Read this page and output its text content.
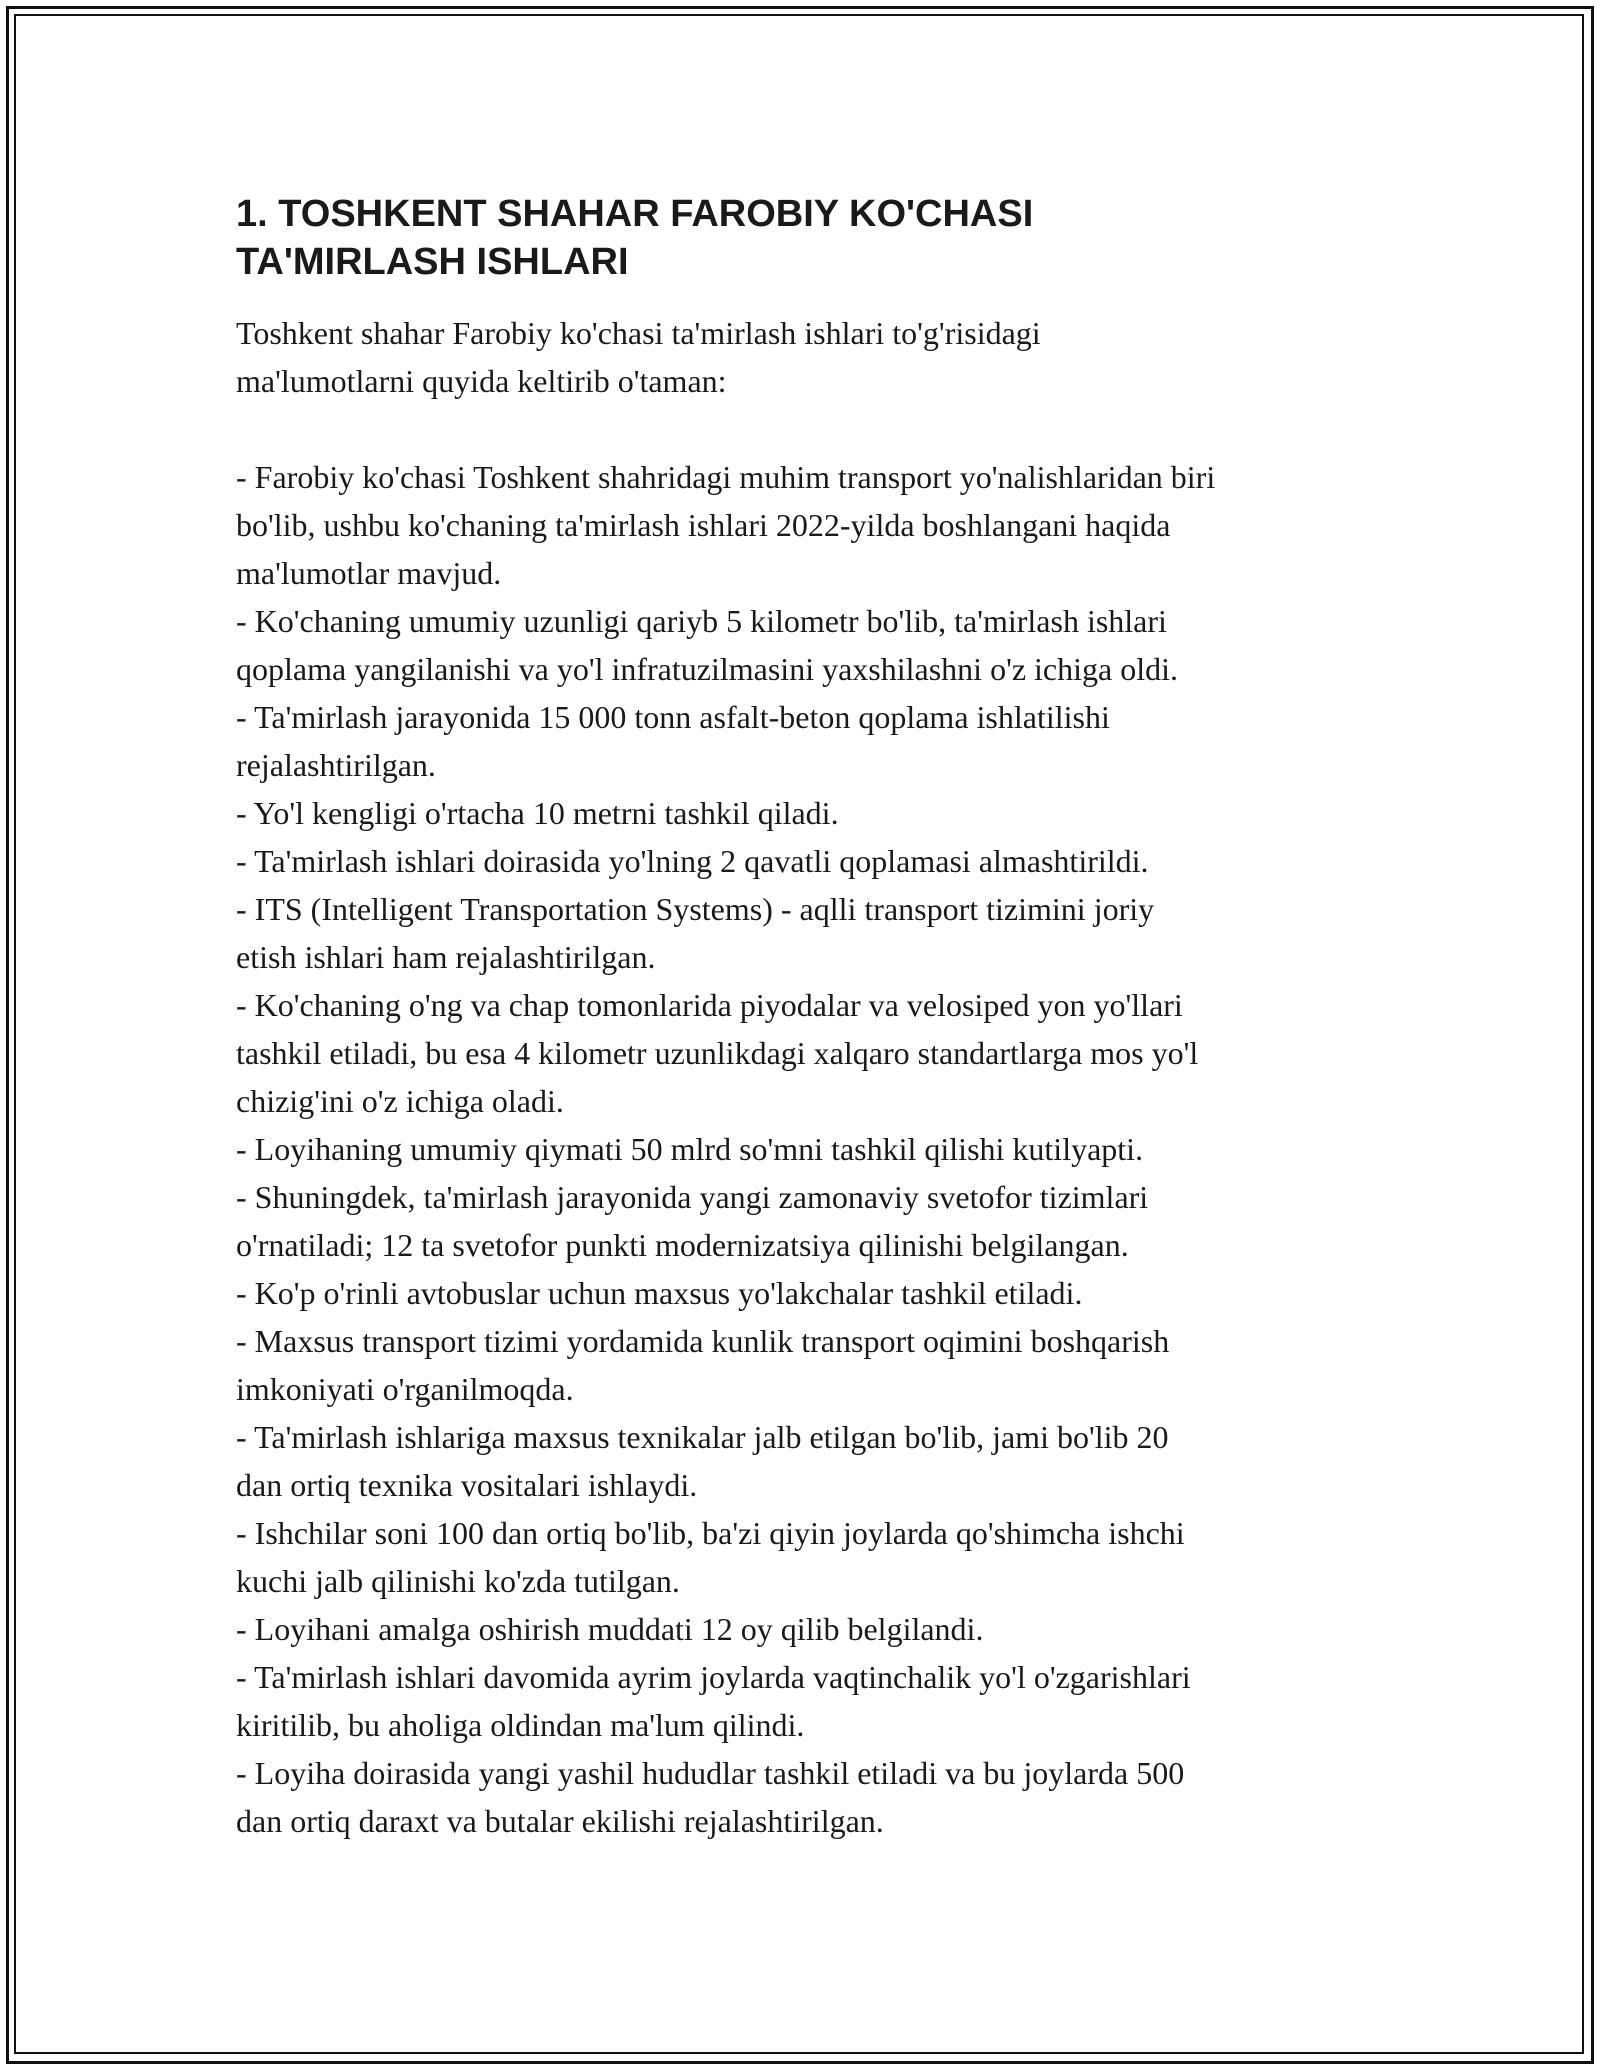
1. TOSHKENT SHAHAR FAROBIY KO'CHASI
TA'MIRLASH ISHLARI

Toshkent shahar Farobiy ko'chasi ta'mirlash ishlari to'g'risidagi
ma'lumotlarni quyida keltirib o'taman:

- Farobiy ko'chasi Toshkent shahridagi muhim transport yo'nalishlaridan biri
bo'lib, ushbu ko'chaning ta'mirlash ishlari 2022-yilda boshlangani haqida
ma'lumotlar mavjud.
- Ko'chaning umumiy uzunligi qariyb 5 kilometr bo'lib, ta'mirlash ishlari
qoplama yangilanishi va yo'l infratuzilmasini yaxshilashni o'z ichiga oldi.
- Ta'mirlash jarayonida 15 000 tonn asfalt-beton qoplama ishlatilishi
rejalashtirilgan.
- Yo'l kengligi o'rtacha 10 metrni tashkil qiladi.
- Ta'mirlash ishlari doirasida yo'lning 2 qavatli qoplamasi almashtirildi.
- ITS (Intelligent Transportation Systems) - aqlli transport tizimini joriy
etish ishlari ham rejalashtirilgan.
- Ko'chaning o'ng va chap tomonlarida piyodalar va velosiped yon yo'llari
tashkil etiladi, bu esa 4 kilometr uzunlikdagi xalqaro standartlarga mos yo'l
chizig'ini o'z ichiga oladi.
- Loyihaning umumiy qiymati 50 mlrd so'mni tashkil qilishi kutilyapti.
- Shuningdek, ta'mirlash jarayonida yangi zamonaviy svetofor tizimlari
o'rnatiladi; 12 ta svetofor punkti modernizatsiya qilinishi belgilangan.
- Ko'p o'rinli avtobuslar uchun maxsus yo'lakchalar tashkil etiladi.
- Maxsus transport tizimi yordamida kunlik transport oqimini boshqarish
imkoniyati o'rganilmoqda.
- Ta'mirlash ishlariga maxsus texnikalar jalb etilgan bo'lib, jami bo'lib 20
dan ortiq texnika vositalari ishlaydi.
- Ishchilar soni 100 dan ortiq bo'lib, ba'zi qiyin joylarda qo'shimcha ishchi
kuchi jalb qilinishi ko'zda tutilgan.
- Loyihani amalga oshirish muddati 12 oy qilib belgilandi.
- Ta'mirlash ishlari davomida ayrim joylarda vaqtinchalik yo'l o'zgarishlari
kiritilib, bu aholiga oldindan ma'lum qilindi.
- Loyiha doirasida yangi yashil hududlar tashkil etiladi va bu joylarda 500
dan ortiq daraxt va butalar ekilishi rejalashtirilgan.
